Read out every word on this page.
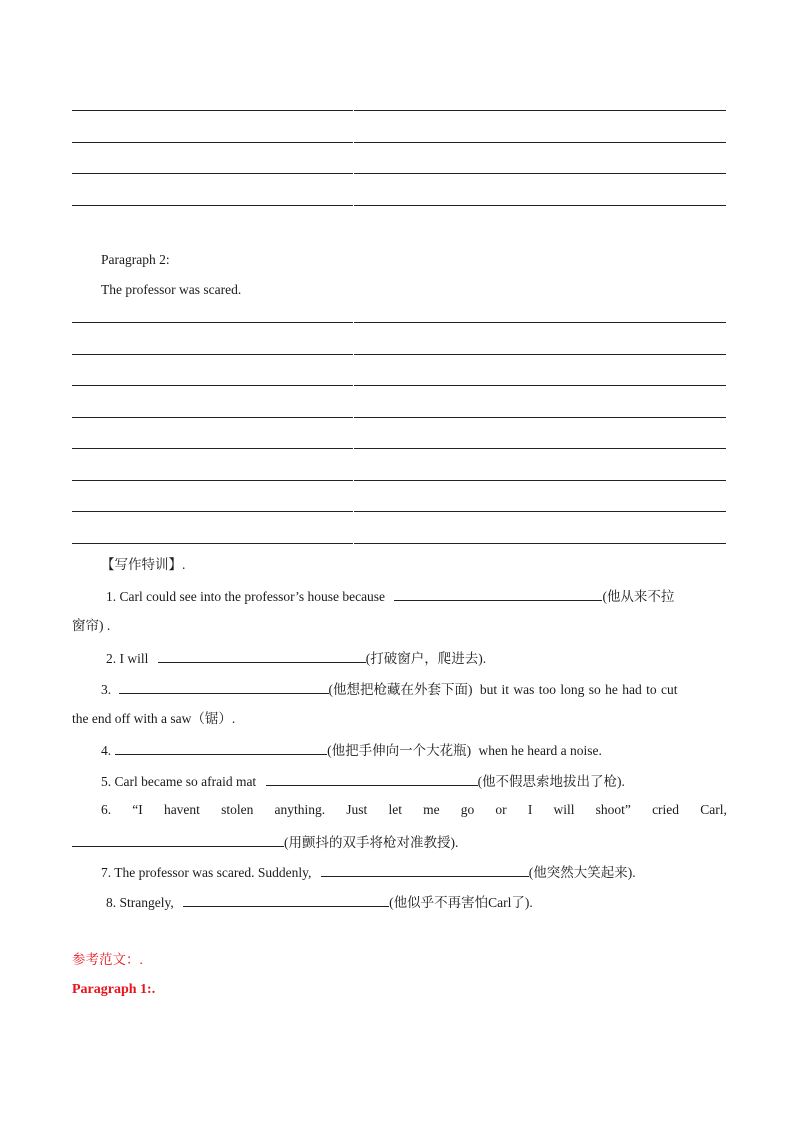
Paragraph 2:
The professor was scared.
【写作特训】.
1. Carl could see into the professor’s house because	(他从来不拉
窗帘) .
2. I will	(打破窗户，爬进去).
3.	(他想把枪藏在外套下面) but it was too long so he had to cut
the end off with a saw（锯）.
4.	(他把手伸向一个大花瓶) when he heard a noise.
5. Carl became so afraid mat	(他不假思索地拔出了枪).
6. “I havent stolen anything. Just let me go or I will shoot” cried Carl,
(用颤抖的双手将枪对准教授).
7. The professor was scared. Suddenly,	(他突然大笑起来).
8. Strangely,	(他似乎不再害怕Carl了).
参考范文：.
Paragraph 1:.
